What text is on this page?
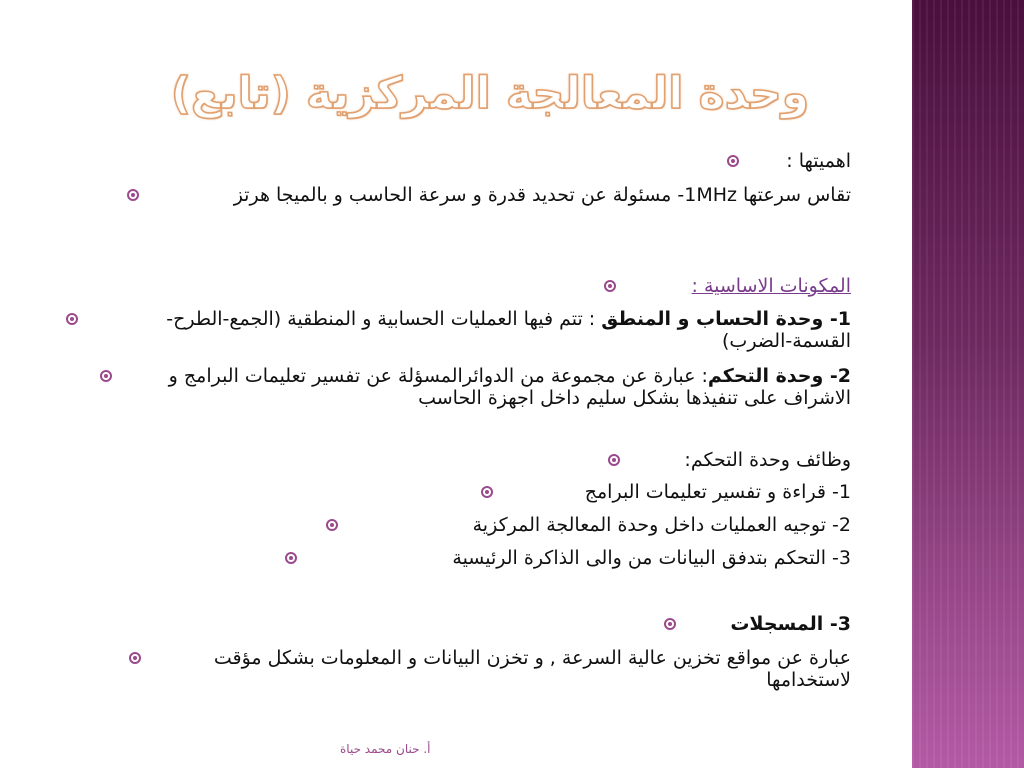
وحدة المعالجة المركزية (تابع)
اهميتها :
تقاس سرعتها 1MHz- مسئولة عن تحديد قدرة و سرعة الحاسب و بالميجا هرتز
المكونات الاساسية :
1- وحدة الحساب و المنطق : تتم فيها العمليات الحسابية و المنطقية (الجمع-الطرح-القسمة-الضرب)
2- وحدة التحكم: عبارة عن مجموعة من الدوائرالمسؤلة عن تفسير تعليمات البرامج و الاشراف على تنفيذها بشكل سليم داخل اجهزة الحاسب
وظائف وحدة التحكم:
1- قراءة و تفسير تعليمات البرامج
2- توجيه العمليات داخل وحدة المعالجة المركزية
3- التحكم بتدفق البيانات من والى الذاكرة الرئيسية
3- المسجلات
عبارة عن مواقع تخزين عالية السرعة , و تخزن البيانات و المعلومات بشكل مؤقت لاستخدامها
أ. حنان محمد حياة
